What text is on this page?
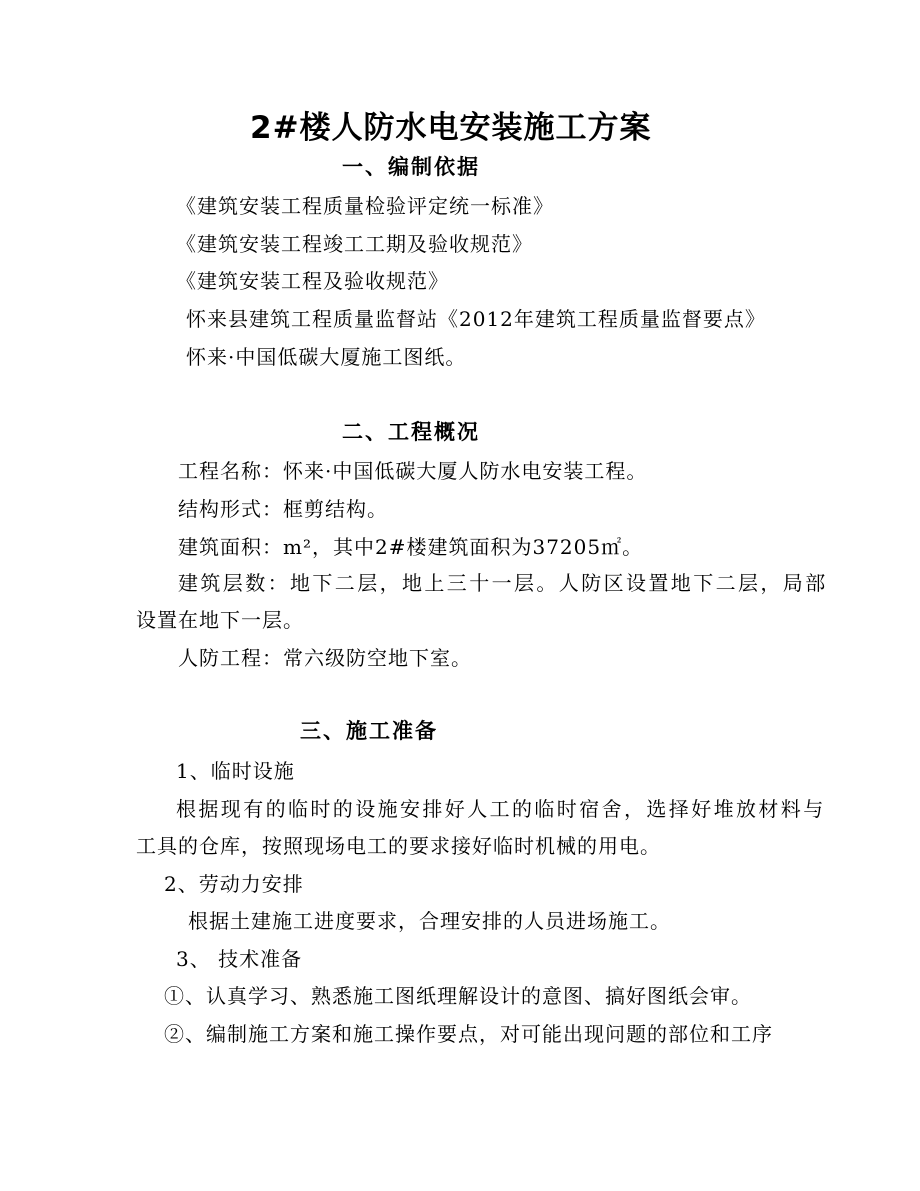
2#楼人防水电安装施工方案
一、编制依据
《建筑安装工程质量检验评定统一标准》
《建筑安装工程竣工工期及验收规范》
《建筑安装工程及验收规范》
怀来县建筑工程质量监督站《2012年建筑工程质量监督要点》
怀来·中国低碳大厦施工图纸。
二、工程概况
工程名称：怀来·中国低碳大厦人防水电安装工程。
结构形式：框剪结构。
建筑面积：m²，其中2#楼建筑面积为37205㎡。
建筑层数：地下二层，地上三十一层。人防区设置地下二层，局部
设置在地下一层。
人防工程：常六级防空地下室。
三、施工准备
1、临时设施
根据现有的临时的设施安排好人工的临时宿舍，选择好堆放材料与
工具的仓库，按照现场电工的要求接好临时机械的用电。
2、劳动力安排
根据土建施工进度要求，合理安排的人员进场施工。
3、 技术准备
①、认真学习、熟悉施工图纸理解设计的意图、搞好图纸会审。
②、编制施工方案和施工操作要点，对可能出现问题的部位和工序
